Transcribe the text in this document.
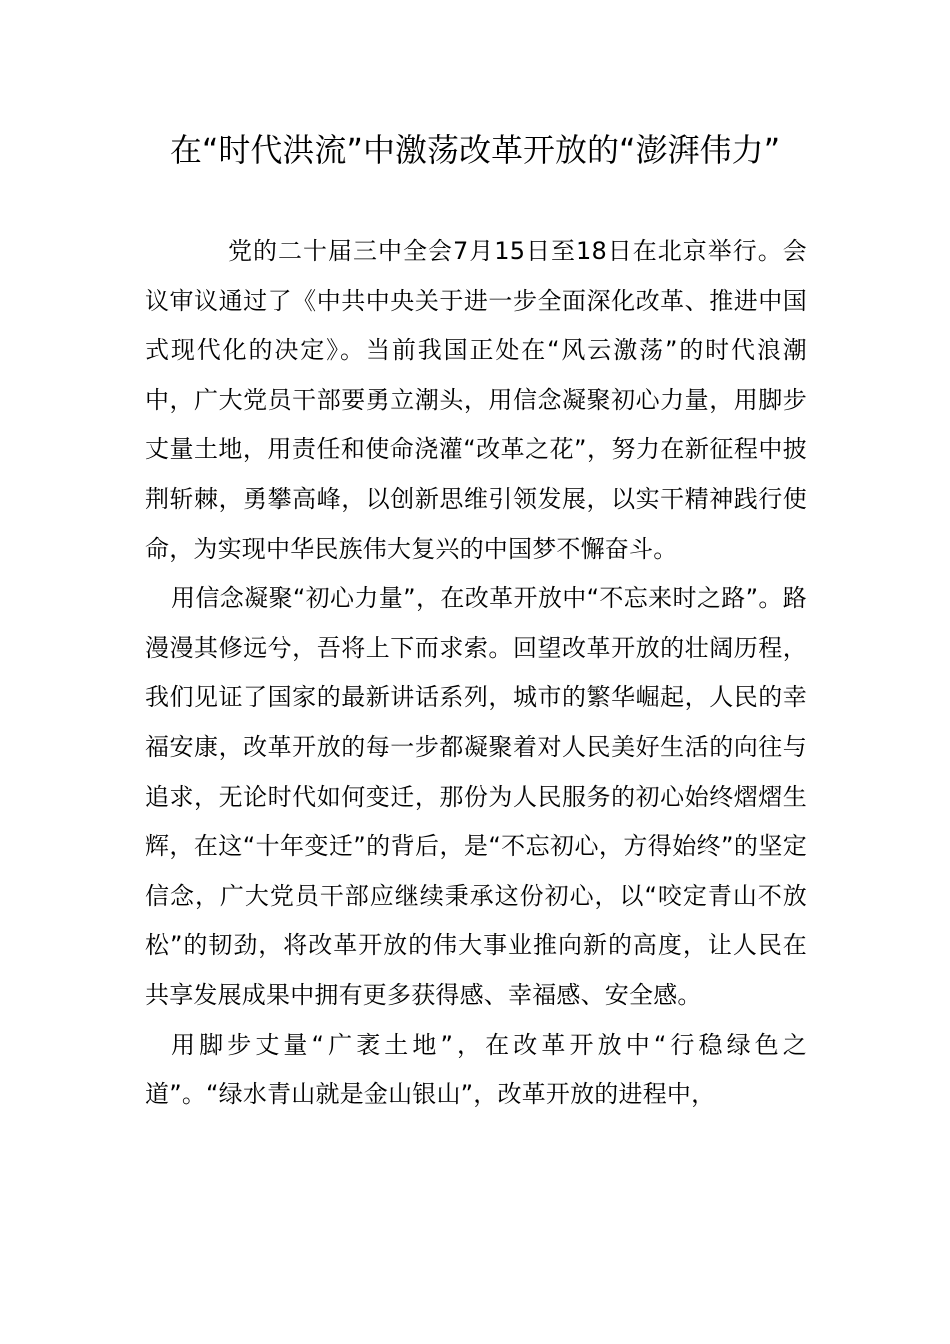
在“时代洪流”中激荡改革开放的“澎湃伟力”

党的二十届三中全会7月15日至18日在北京举行。会议审议通过了《中共中央关于进一步全面深化改革、推进中国式现代化的决定》。当前我国正处在“风云激荡”的时代浪潮中，广大党员干部要勇立潮头，用信念凝聚初心力量，用脚步丈量土地，用责任和使命浇灌“改革之花”，努力在新征程中披荆斩棘，勇攀高峰，以创新思维引领发展，以实干精神践行使命，为实现中华民族伟大复兴的中国梦不懈奋斗。

用信念凝聚“初心力量”，在改革开放中“不忘来时之路”。路漫漫其修远兮，吾将上下而求索。回望改革开放的壮阔历程，我们见证了国家的最新讲话系列，城市的繁华崛起，人民的幸福安康，改革开放的每一步都凝聚着对人民美好生活的向往与追求，无论时代如何变迁，那份为人民服务的初心始终熠熠生辉，在这“十年变迁”的背后，是“不忘初心，方得始终”的坚定信念，广大党员干部应继续秉承这份初心，以“咬定青山不放松”的韧劲，将改革开放的伟大事业推向新的高度，让人民在共享发展成果中拥有更多获得感、幸福感、安全感。

用脚步丈量“广袤土地”，在改革开放中“行稳绿色之道”。“绿水青山就是金山银山”，改革开放的进程中，
